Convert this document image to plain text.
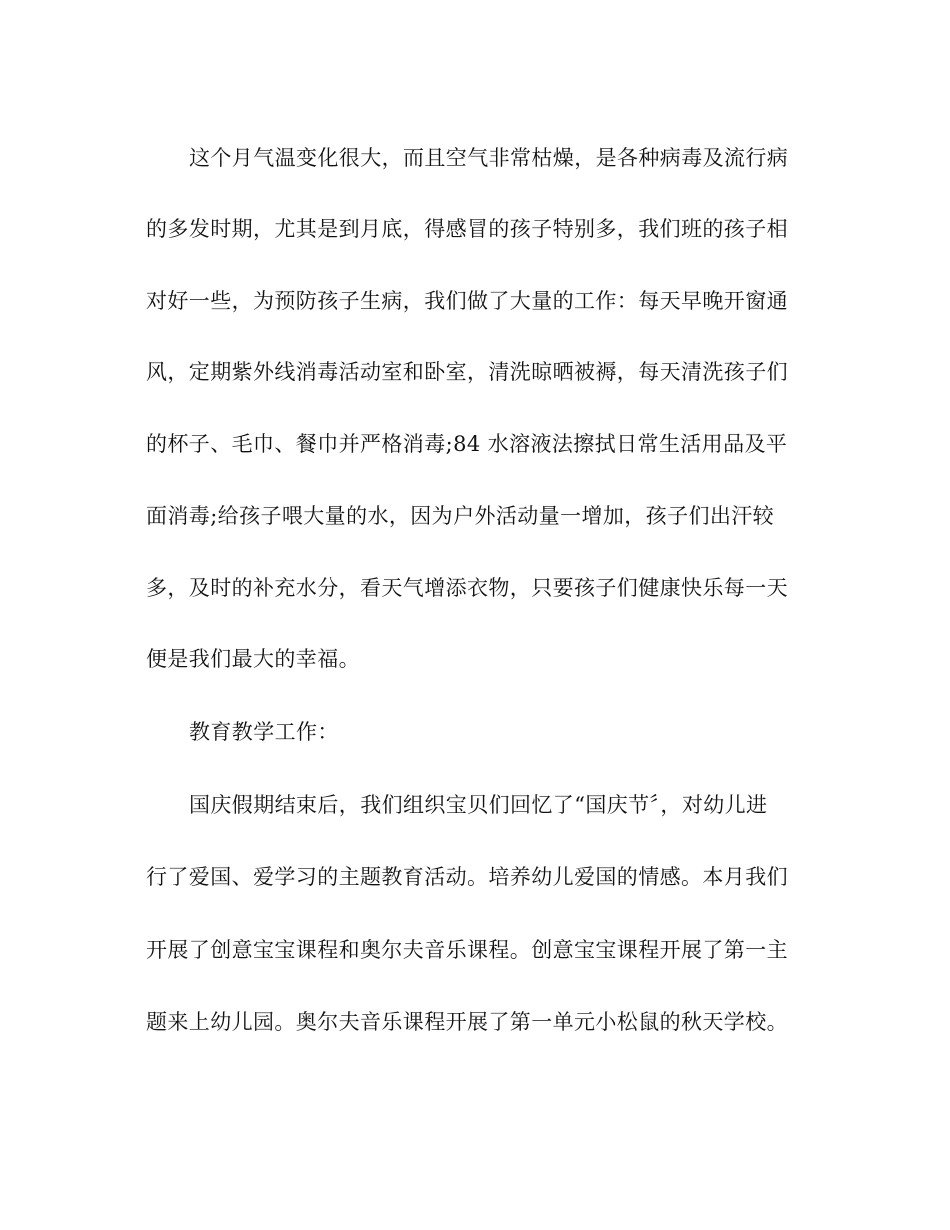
这个月气温变化很大，而且空气非常枯燥，是各种病毒及流行病
的多发时期，尤其是到月底，得感冒的孩子特别多，我们班的孩子相
对好一些，为预防孩子生病，我们做了大量的工作：每天早晚开窗通
风，定期紫外线消毒活动室和卧室，清洗晾晒被褥，每天清洗孩子们
的杯子、毛巾、餐巾并严格消毒;84 水溶液法擦拭日常生活用品及平
面消毒;给孩子喂大量的水，因为户外活动量一增加，孩子们出汗较
多，及时的补充水分，看天气增添衣物，只要孩子们健康快乐每一天
便是我们最大的幸福。
教育教学工作：
国庆假期结束后，我们组织宝贝们回忆了“国庆节〞，对幼儿进
行了爱国、爱学习的主题教育活动。培养幼儿爱国的情感。本月我们
开展了创意宝宝课程和奥尔夫音乐课程。创意宝宝课程开展了第一主
题来上幼儿园。奥尔夫音乐课程开展了第一单元小松鼠的秋天学校。
